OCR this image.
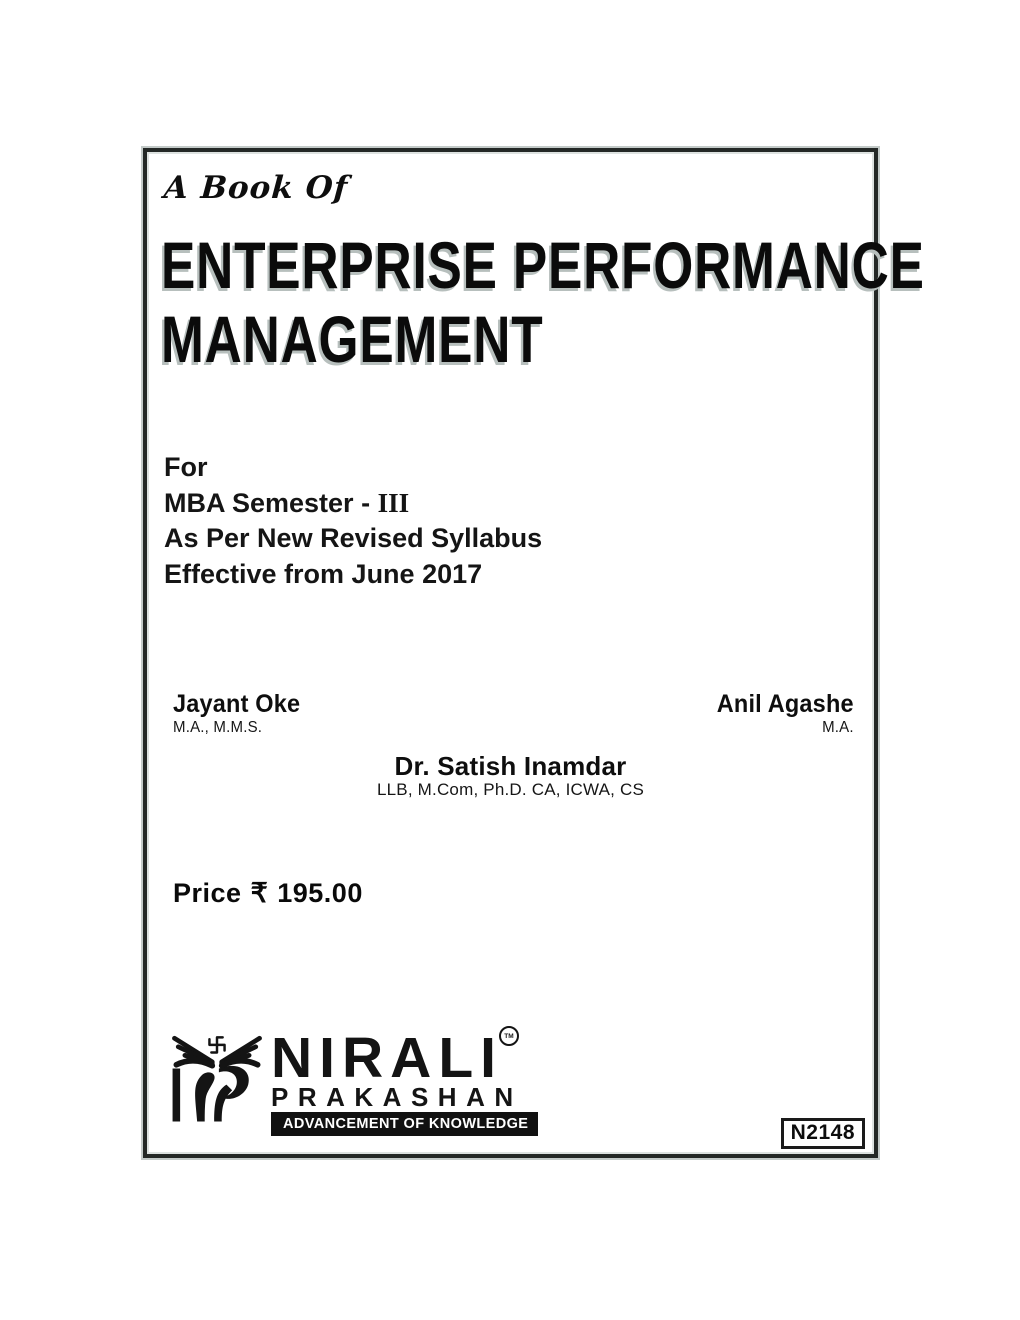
A Book Of
ENTERPRISE PERFORMANCE
MANAGEMENT
For
MBA Semester - III
As Per New Revised Syllabus
Effective from June 2017
Jayant Oke
M.A., M.M.S.
Anil Agashe
M.A.
Dr. Satish Inamdar
LLB, M.Com, Ph.D. CA, ICWA, CS
Price ₹ 195.00
NIRALI TM
PRAKASHAN
ADVANCEMENT OF KNOWLEDGE	N2148
